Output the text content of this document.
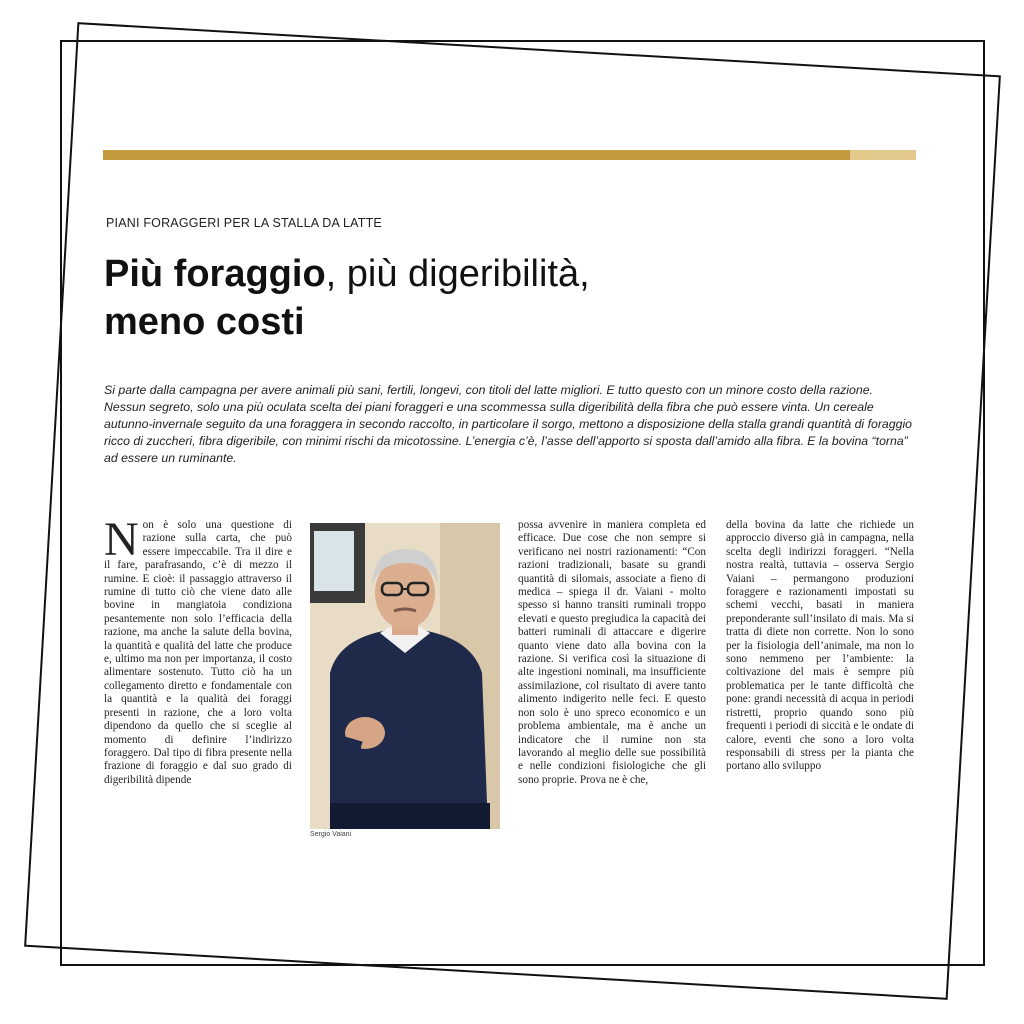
PIANI FORAGGERI PER LA STALLA DA LATTE
Più foraggio, più digeribilità,
meno costi

Si parte dalla campagna per avere animali più sani, fertili, longevi, con titoli del latte migliori. E tutto questo con un minore costo della razione. Nessun segreto, solo una più oculata scelta dei piani foraggeri e una scommessa sulla digeribilità della fibra che può essere vinta. Un cereale autunno-invernale seguito da una foraggera in secondo raccolto, in particolare il sorgo, mettono a disposizione della stalla grandi quantità di foraggio ricco di zuccheri, fibra digeribile, con minimi rischi da micotossine. L’energia c’è, l’asse dell’apporto si sposta dall’amido alla fibra. E la bovina “torna” ad essere un ruminante.

Non è solo una questione di razione sulla carta, che può essere impeccabile. Tra il dire e il fare, parafrasando, c’è di mezzo il rumine. E cioè: il passaggio attraverso il rumine di tutto ciò che viene dato alle bovine in mangiatoia condiziona pesantemente non solo l’efficacia della razione, ma anche la salute della bovina, la quantità e qualità del latte che produce e, ultimo ma non per importanza, il costo alimentare sostenuto. Tutto ciò ha un collegamento diretto e fondamentale con la quantità e la qualità dei foraggi presenti in razione, che a loro volta dipendono da quello che si sceglie al momento di definire l’indirizzo foraggero. Dal tipo di fibra presente nella frazione di foraggio e dal suo grado di digeribilità dipende
Sergio Vaiani
possa avvenire in maniera completa ed efficace. Due cose che non sempre si verificano nei nostri razionamenti: “Con razioni tradizionali, basate su grandi quantità di silomais, associate a fieno di medica – spiega il dr. Vaiani - molto spesso si hanno transiti ruminali troppo elevati e questo pregiudica la capacità dei batteri ruminali di attaccare e digerire quanto viene dato alla bovina con la razione. Si verifica così la situazione di alte ingestioni nominali, ma insufficiente assimilazione, col risultato di avere tanto alimento indigerito nelle feci. E questo non solo è uno spreco economico e un problema ambientale, ma è anche un indicatore che il rumine non sta lavorando al meglio delle sue possibilità e nelle condizioni fisiologiche che gli sono proprie. Prova ne è che,
della bovina da latte che richiede un approccio diverso già in campagna, nella scelta degli indirizzi foraggeri. “Nella nostra realtà, tuttavia – osserva Sergio Vaiani – permangono produzioni foraggere e razionamenti impostati su schemi vecchi, basati in maniera preponderante sull’insilato di mais. Ma si tratta di diete non corrette. Non lo sono per la fisiologia dell’animale, ma non lo sono nemmeno per l’ambiente: la coltivazione del mais è sempre più problematica per le tante difficoltà che pone: grandi necessità di acqua in periodi ristretti, proprio quando sono più frequenti i periodi di siccità e le ondate di calore, eventi che sono a loro volta responsabili di stress per la pianta che portano allo sviluppo
